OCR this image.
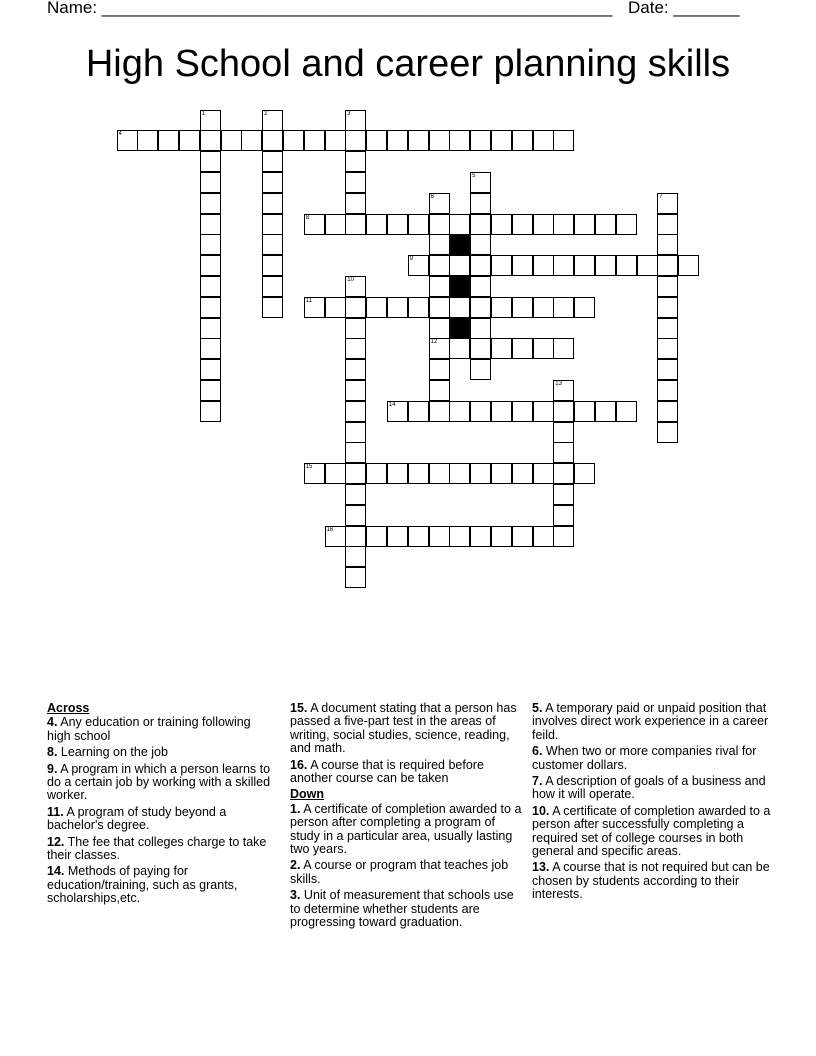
Name: ______________________________________________________ Date: _______
High School and career planning skills
1	2	3
4
5
6
12
7
8
9
10
11
13
14
15
16
Across
4. Any education or training following high school
8. Learning on the job
9. A program in which a person learns to do a certain job by working with a skilled worker.
11. A program of study beyond a bachelor's degree.
12. The fee that colleges charge to take their classes.
14. Methods of paying for education/training, such as grants, scholarships,etc.
15. A document stating that a person has passed a five-part test in the areas of writing, social studies, science, reading, and math.
16. A course that is required before another course can be taken
Down
1. A certificate of completion awarded to a person after completing a program of study in a particular area, usually lasting two years.
2. A course or program that teaches job skills.
3. Unit of measurement that schools use to determine whether students are progressing toward graduation.
5. A temporary paid or unpaid position that involves direct work experience in a career feild.
6. When two or more companies rival for customer dollars.
7. A description of goals of a business and how it will operate.
10. A certificate of completion awarded to a person after successfully completing a required set of college courses in both general and specific areas.
13. A course that is not required but can be chosen by students according to their interests.
